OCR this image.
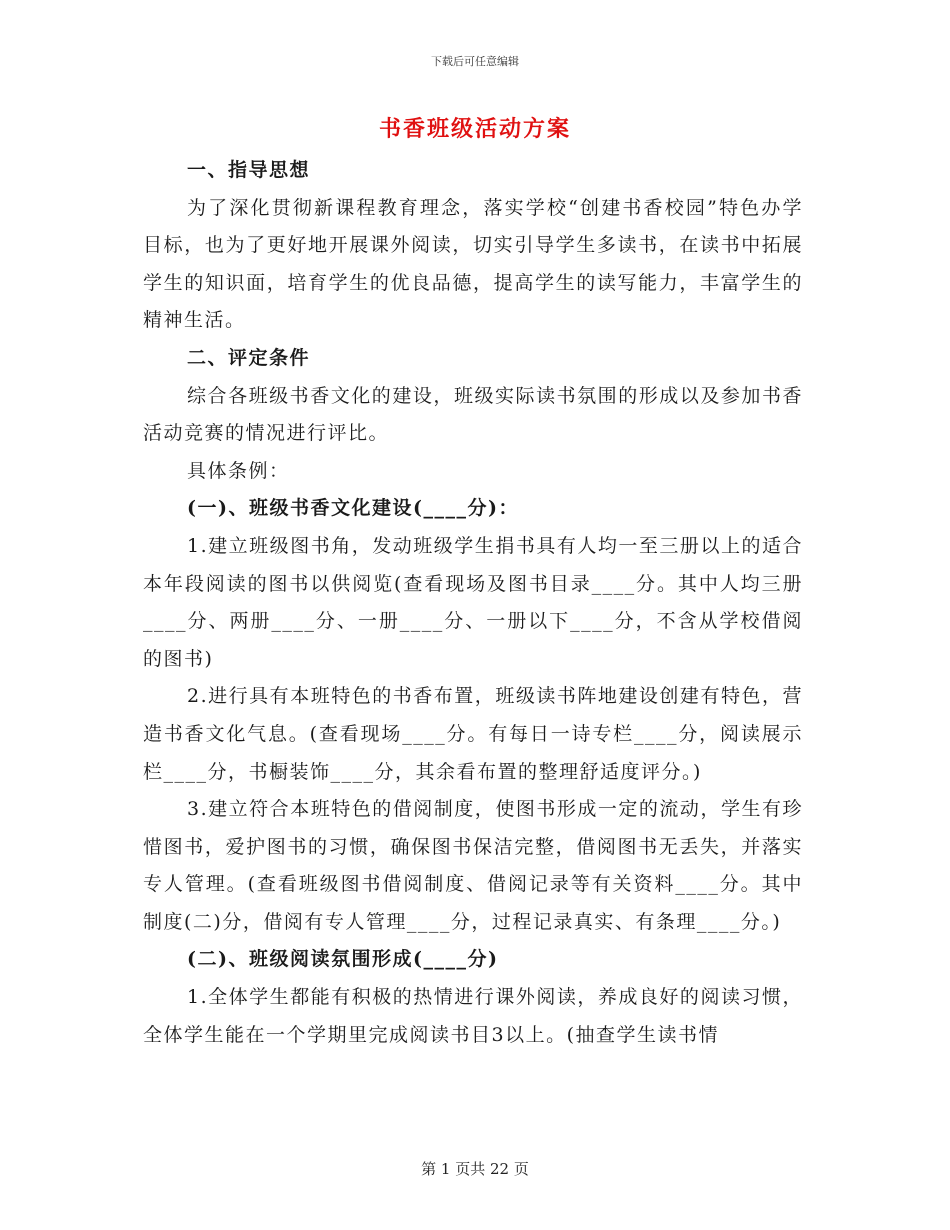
下载后可任意编辑
书香班级活动方案

一、指导思想

为了深化贯彻新课程教育理念，落实学校“创建书香校园”特色办学目标，也为了更好地开展课外阅读，切实引导学生多读书，在读书中拓展学生的知识面，培育学生的优良品德，提高学生的读写能力，丰富学生的精神生活。

二、评定条件

综合各班级书香文化的建设，班级实际读书氛围的形成以及参加书香活动竞赛的情况进行评比。

具体条例：

(一)、班级书香文化建设(____分)：

1.建立班级图书角，发动班级学生捐书具有人均一至三册以上的适合本年段阅读的图书以供阅览(查看现场及图书目录____分。其中人均三册____分、两册____分、一册____分、一册以下____分，不含从学校借阅的图书)

2.进行具有本班特色的书香布置，班级读书阵地建设创建有特色，营造书香文化气息。(查看现场____分。有每日一诗专栏____分，阅读展示栏____分，书橱装饰____分，其余看布置的整理舒适度评分。)

3.建立符合本班特色的借阅制度，使图书形成一定的流动，学生有珍惜图书，爱护图书的习惯，确保图书保洁完整，借阅图书无丢失，并落实专人管理。(查看班级图书借阅制度、借阅记录等有关资料____分。其中制度(二)分，借阅有专人管理____分，过程记录真实、有条理____分。)

(二)、班级阅读氛围形成(____分)

1.全体学生都能有积极的热情进行课外阅读，养成良好的阅读习惯，全体学生能在一个学期里完成阅读书目3以上。(抽查学生读书情

第 1 页共 22 页
